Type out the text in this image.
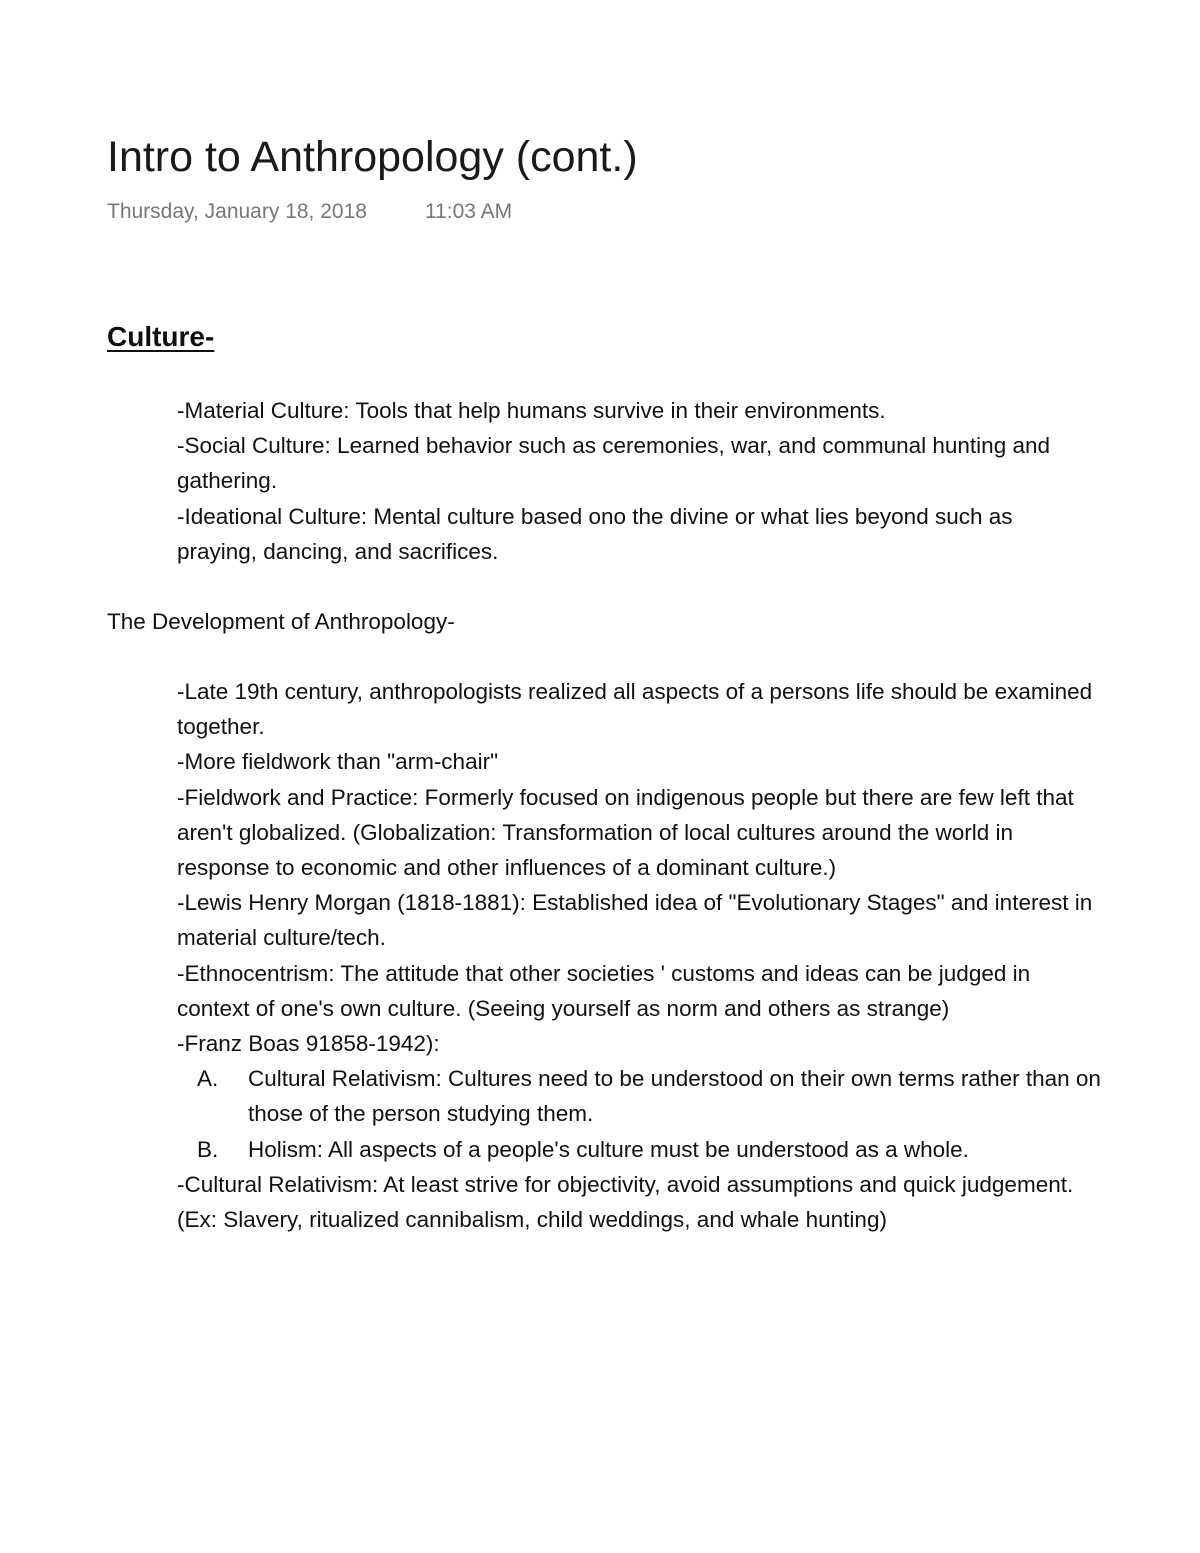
Intro to Anthropology (cont.)
Thursday, January 18, 2018	11:03 AM
Culture-

-Material Culture: Tools that help humans survive in their environments.

-Social Culture: Learned behavior such as ceremonies, war, and communal hunting and gathering.

-Ideational Culture: Mental culture based ono the divine or what lies beyond such as praying, dancing, and sacrifices.

The Development of Anthropology-

-Late 19th century, anthropologists realized all aspects of a persons life should be examined together.

-More fieldwork than "arm-chair"

-Fieldwork and Practice: Formerly focused on indigenous people but there are few left that aren't globalized. (Globalization: Transformation of local cultures around the world in response to economic and other influences of a dominant culture.)

-Lewis Henry Morgan (1818-1881): Established idea of "Evolutionary Stages" and interest in material culture/tech.

-Ethnocentrism: The attitude that other societies ' customs and ideas can be judged in context of one's own culture. (Seeing yourself as norm and others as strange)

-Franz Boas 91858-1942):

A. Cultural Relativism: Cultures need to be understood on their own terms rather than on those of the person studying them.
B. Holism: All aspects of a people's culture must be understood as a whole.

-Cultural Relativism: At least strive for objectivity, avoid assumptions and quick judgement. (Ex: Slavery, ritualized cannibalism, child weddings, and whale hunting)
